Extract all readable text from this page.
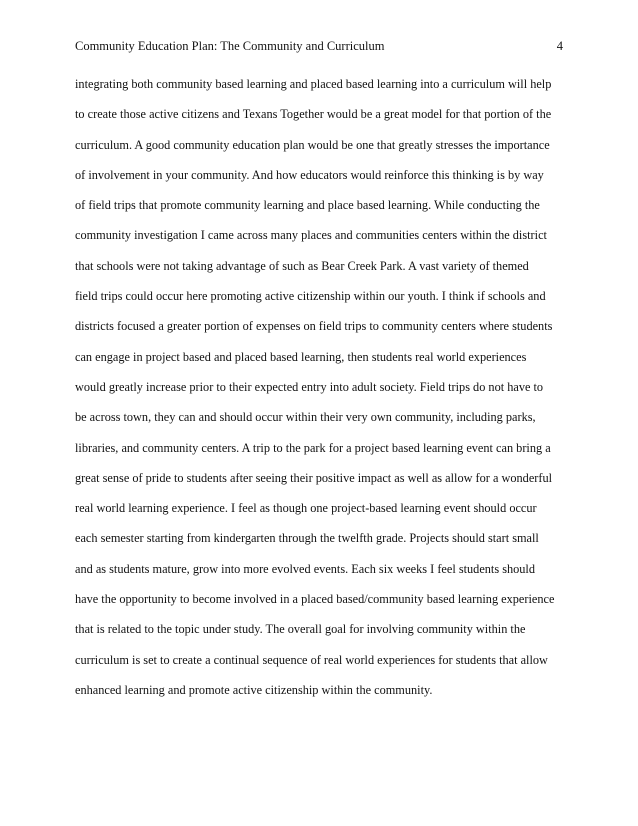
Community Education Plan: The Community and Curriculum	4
integrating both community based learning and placed based learning into a curriculum will help
to create those active citizens and Texans Together would be a great model for that portion of the
curriculum. A good community education plan would be one that greatly stresses the importance
of involvement in your community. And how educators would reinforce this thinking is by way
of field trips that promote community learning and place based learning. While conducting the
community investigation I came across many places and communities centers within the district
that schools were not taking advantage of such as Bear Creek Park. A vast variety of themed
field trips could occur here promoting active citizenship within our youth. I think if schools and
districts focused a greater portion of expenses on field trips to community centers where students
can engage in project based and placed based learning, then students real world experiences
would greatly increase prior to their expected entry into adult society. Field trips do not have to
be across town, they can and should occur within their very own community, including parks,
libraries, and community centers. A trip to the park for a project based learning event can bring a
great sense of pride to students after seeing their positive impact as well as allow for a wonderful
real world learning experience. I feel as though one project-based learning event should occur
each semester starting from kindergarten through the twelfth grade. Projects should start small
and as students mature, grow into more evolved events. Each six weeks I feel students should
have the opportunity to become involved in a placed based/community based learning experience
that is related to the topic under study. The overall goal for involving community within the
curriculum is set to create a continual sequence of real world experiences for students that allow
enhanced learning and promote active citizenship within the community.
